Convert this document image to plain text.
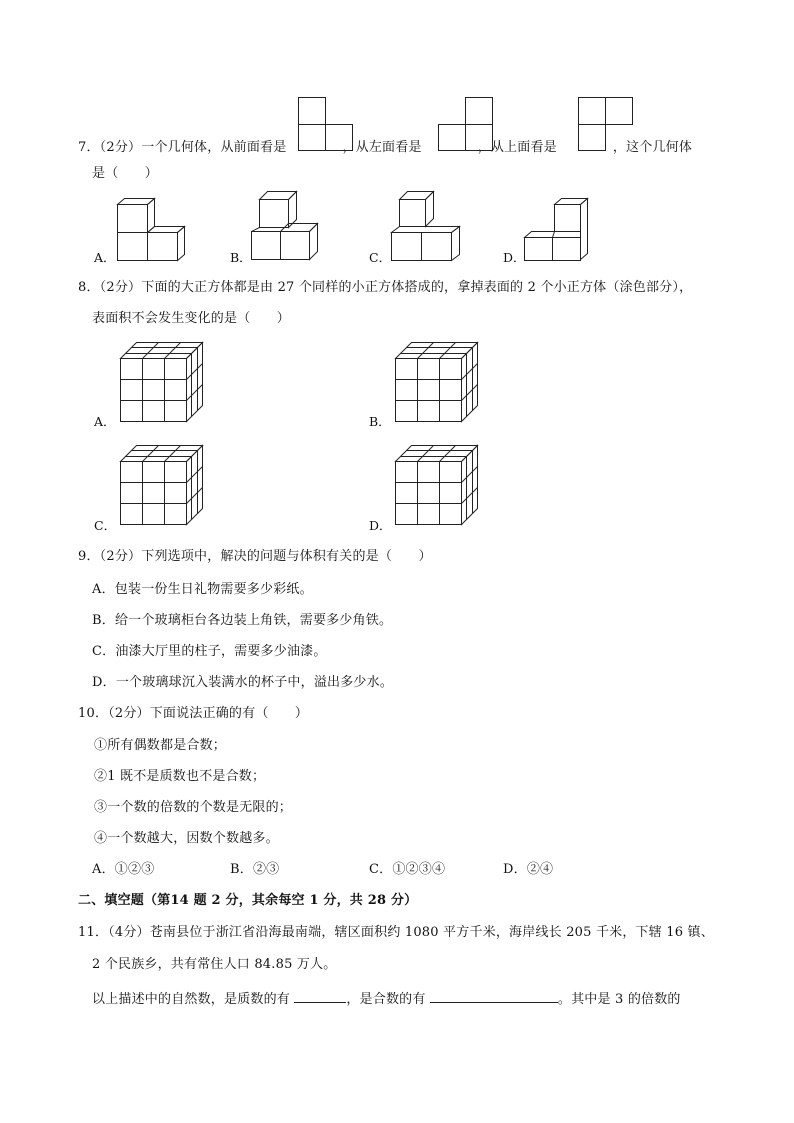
7．（2分）一个几何体，从前面看是	，从左面看是	，从上面看是	，这个几何体
是（　　）
A．	B．	C．	D．
8．（2分）下面的大正方体都是由 27 个同样的小正方体搭成的，拿掉表面的 2 个小正方体（涂色部分），
表面积不会发生变化的是（　　）
A．	B．
C．	D．
9．（2分）下列选项中，解决的问题与体积有关的是（　　）
A．包装一份生日礼物需要多少彩纸。
B．给一个玻璃柜台各边装上角铁，需要多少角铁。
C．油漆大厅里的柱子，需要多少油漆。
D．一个玻璃球沉入装满水的杯子中，溢出多少水。
10．（2分）下面说法正确的有（　　）
①所有偶数都是合数；
②1 既不是质数也不是合数；
③一个数的倍数的个数是无限的；
④一个数越大，因数个数越多。
A．①②③	B．②③	C．①②③④	D．②④
二、填空题（第14 题 2 分，其余每空 1 分，共 28 分）
11．（4分）苍南县位于浙江省沿海最南端，辖区面积约 1080 平方千米，海岸线长 205 千米，下辖 16 镇、
2 个民族乡，共有常住人口 84.85 万人。
以上描述中的自然数，是质数的有	，是合数的有	。其中是 3 的倍数的
